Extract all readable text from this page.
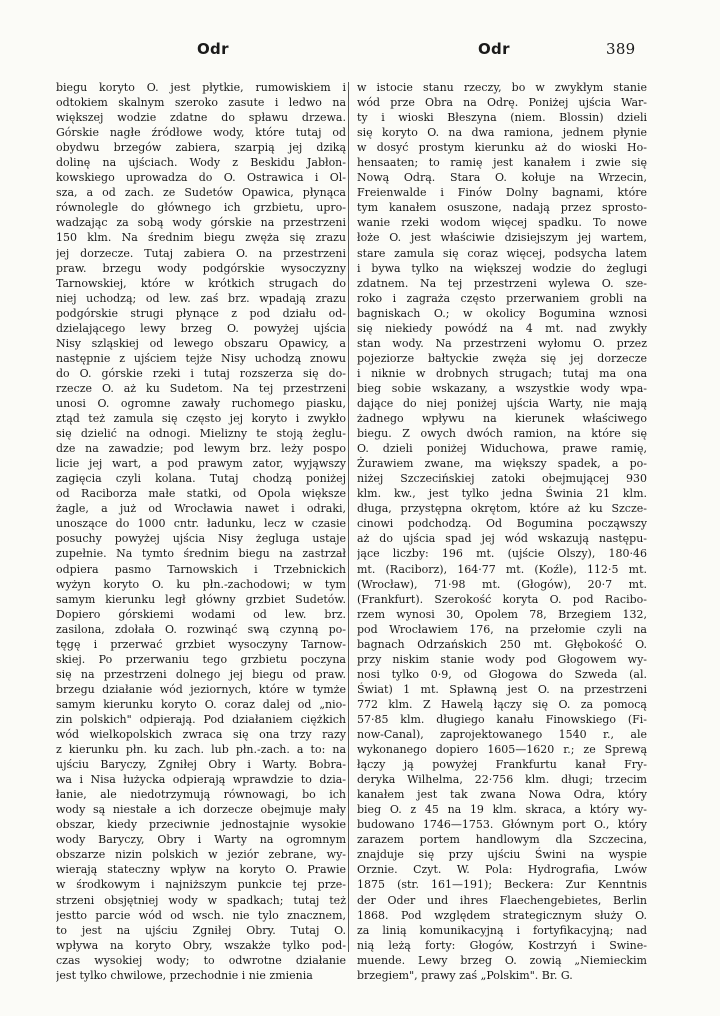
Odr	Odr	389
biegu koryto O. jest płytkie, rumowiskiem i
odtokiem skalnym szeroko zasute i ledwo na
większej wodzie zdatne do spławu drzewa.
Górskie nagłe źródłowe wody, które tutaj od
obydwu brzegów zabiera, szarpią jej dziką
dolinę na ujściach. Wody z Beskidu Jabłon-
kowskiego uprowadza do O. Ostrawica i Ol-
sza, a od zach. ze Sudetów Opawica, płynąca
równolegle do głównego ich grzbietu, upro-
wadzając za sobą wody górskie na przestrzeni
150 klm. Na średnim biegu zwęża się zrazu
jej dorzecze. Tutaj zabiera O. na przestrzeni
praw. brzegu wody podgórskie wysoczyzny
Tarnowskiej, które w krótkich strugach do
niej uchodzą; od lew. zaś brz. wpadają zrazu
podgórskie strugi płynące z pod działu od-
dzielającego lewy brzeg O. powyżej ujścia
Nisy szląskiej od lewego obszaru Opawicy, a
następnie z ujściem tejże Nisy uchodzą znowu
do O. górskie rzeki i tutaj rozszerza się do-
rzecze O. aż ku Sudetom. Na tej przestrzeni
unosi O. ogromne zawały ruchomego piasku,
ztąd też zamula się często jej koryto i zwykło
się dzielić na odnogi. Mielizny te stoją żeglu-
dze na zawadzie; pod lewym brz. leży pospo
licie jej wart, a pod prawym zator, wyjąwszy
zagięcia czyli kolana. Tutaj chodzą poniżej
od Raciborza małe statki, od Opola większe
żagle, a już od Wrocławia nawet i odraki,
unoszące do 1000 cntr. ładunku, lecz w czasie
posuchy powyżej ujścia Nisy żegluga ustaje
zupełnie. Na tymto średnim biegu na zastrzał
odpiera pasmo Tarnowskich i Trzebnickich
wyżyn koryto O. ku płn.-zachodowi; w tym
samym kierunku legł główny grzbiet Sudetów.
Dopiero górskiemi wodami od lew. brz.
zasilona, zdołała O. rozwinąć swą czynną po-
tęgę i przerwać grzbiet wysoczyny Tarnow-
skiej. Po przerwaniu tego grzbietu poczyna
się na przestrzeni dolnego jej biegu od praw.
brzegu działanie wód jeziornych, które w tymże
samym kierunku koryto O. coraz dalej od „nio-
zin polskich" odpierają. Pod działaniem ciężkich
wód wielkopolskich zwraca się ona trzy razy
z kierunku płn. ku zach. lub płn.-zach. a to: na
ujściu Baryczy, Zgniłej Obry i Warty. Bobra-
wa i Nisa łużycka odpierają wprawdzie to dzia-
łanie, ale niedotrzymują równowagi, bo ich
wody są niestałe a ich dorzecze obejmuje mały
obszar, kiedy przeciwnie jednostajnie wysokie
wody Baryczy, Obry i Warty na ogromnym
obszarze nizin polskich w jeziór zebrane, wy-
wierają stateczny wpływ na koryto O. Prawie
w środkowym i najniższym punkcie tej prze-
strzeni obsjętniej wody w spadkach; tutaj też
jestto parcie wód od wsch. nie tylo znacznem,
to jest na ujściu Zgniłej Obry. Tutaj O.
wpływa na koryto Obry, wszakże tylko pod-
czas wysokiej wody; to odwrotne działanie
jest tylko chwilowe, przechodnie i nie zmienia
w istocie stanu rzeczy, bo w zwykłym stanie
wód prze Obra na Odrę. Poniżej ujścia War-
ty i wioski Błeszyna (niem. Blossin) dzieli
się koryto O. na dwa ramiona, jednem płynie
w dosyć prostym kierunku aż do wioski Ho-
hensaaten; to ramię jest kanałem i zwie się
Nową Odrą. Stara O. kołuje na Wrzecin,
Freienwalde i Finów Dolny bagnami, które
tym kanałem osuszone, nadają przez sprosto-
wanie rzeki wodom więcej spadku. To nowe
łoże O. jest właściwie dzisiejszym jej wartem,
stare zamula się coraz więcej, podsycha latem
i bywa tylko na większej wodzie do żeglugi
zdatnem. Na tej przestrzeni wylewa O. sze-
roko i zagraża często przerwaniem grobli na
bagniskach O.; w okolicy Bogumina wznosi
się niekiedy powódź na 4 mt. nad zwykły
stan wody. Na przestrzeni wyłomu O. przez
pojeziorze bałtyckie zwęża się jej dorzecze
i niknie w drobnych strugach; tutaj ma ona
bieg sobie wskazany, a wszystkie wody wpa-
dające do niej poniżej ujścia Warty, nie mają
żadnego wpływu na kierunek właściwego
biegu. Z owych dwóch ramion, na które się
O. dzieli poniżej Widuchowa, prawe ramię,
Żurawiem zwane, ma większy spadek, a po-
niżej Szczecińskiej zatoki obejmującej 930
klm. kw., jest tylko jedna Świnia 21 klm.
długa, przystępna okrętom, które aż ku Szcze-
cinowi podchodzą. Od Bogumina począwszy
aż do ujścia spad jej wód wskazują następu-
jące liczby: 196 mt. (ujście Olszy), 180·46
mt. (Raciborz), 164·77 mt. (Koźle), 112·5 mt.
(Wrocław), 71·98 mt. (Głogów), 20·7 mt.
(Frankfurt). Szerokość koryta O. pod Racibo-
rzem wynosi 30, Opolem 78, Brzegiem 132,
pod Wrocławiem 176, na przełomie czyli na
bagnach Odrzańskich 250 mt. Głębokość O.
przy niskim stanie wody pod Głogowem wy-
nosi tylko 0·9, od Głogowa do Szweda (al.
Świat) 1 mt. Spławną jest O. na przestrzeni
772 klm. Z Hawelą łączy się O. za pomocą
57·85 klm. długiego kanału Finowskiego (Fi-
now-Canal), zaprojektowanego 1540 r., ale
wykonanego dopiero 1605—1620 r.; ze Sprewą
łączy ją powyżej Frankfurtu kanał Fry-
deryka Wilhelma, 22·756 klm. długi; trzecim
kanałem jest tak zwana Nowa Odra, który
bieg O. z 45 na 19 klm. skraca, a który wy-
budowano 1746—1753. Głównym port O., który
zarazem portem handlowym dla Szczecina,
znajduje się przy ujściu Świni na wyspie
Orznie. Czyt. W. Pola: Hydrografia, Lwów
1875 (str. 161—191); Beckera: Zur Kenntnis
der Oder und ihres Flaechengebietes, Berlin
1868. Pod względem strategicznym służy O.
za linią komunikacyjną i fortyfikacyjną; nad
nią leżą forty: Głogów, Kostrzyń i Swine-
muende. Lewy brzeg O. zowią „Niemieckim
brzegiem", prawy zaś „Polskim". Br. G.
